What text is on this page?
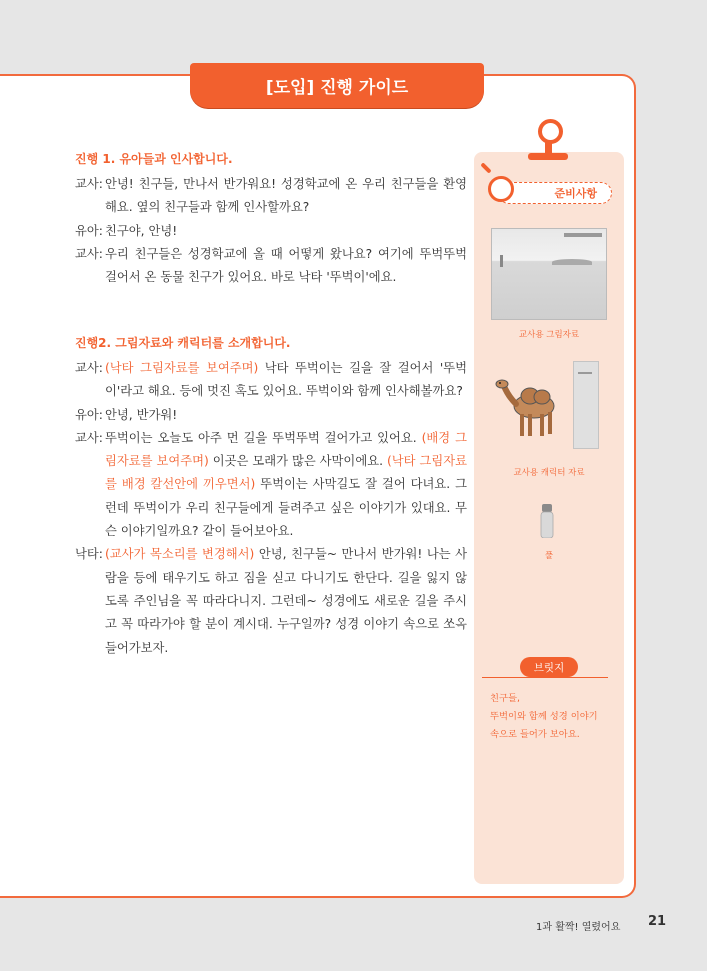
[도입] 진행 가이드

진행 1. 유아들과 인사합니다.

교사: 안녕! 친구들, 만나서 반가워요! 성경학교에 온 우리 친구들을 환영해요. 옆의 친구들과 함께 인사할까요?
유아: 친구야, 안녕!
교사: 우리 친구들은 성경학교에 올 때 어떻게 왔나요? 여기에 뚜벅뚜벅 걸어서 온 동물 친구가 있어요. 바로 낙타 '뚜벅이'에요.

진행2. 그림자료와 캐릭터를 소개합니다.

교사: (낙타 그림자료를 보여주며) 낙타 뚜벅이는 길을 잘 걸어서 '뚜벅이'라고 해요. 등에 멋진 혹도 있어요. 뚜벅이와 함께 인사해볼까요?
유아: 안녕, 반가워!
교사: 뚜벅이는 오늘도 아주 먼 길을 뚜벅뚜벅 걸어가고 있어요. (배경 그림자료를 보여주며) 이곳은 모래가 많은 사막이에요. (낙타 그림자료를 배경 칼선안에 끼우면서) 뚜벅이는 사막길도 잘 걸어 다녀요. 그런데 뚜벅이가 우리 친구들에게 들려주고 싶은 이야기가 있대요. 무슨 이야기일까요? 같이 들어보아요.
낙타: (교사가 목소리를 변경해서) 안녕, 친구들~ 만나서 반가워! 나는 사람을 등에 태우기도 하고 짐을 싣고 다니기도 한단다. 길을 잃지 않도록 주인님을 꼭 따라다니지. 그런데~ 성경에도 새로운 길을 주시고 꼭 따라가야 할 분이 계시대. 누구일까? 성경 이야기 속으로 쏘옥 들어가보자.
준비사항
교사용 그림자료
교사용 캐릭터 자료
풀
브릿지
친구들,
뚜벅이와 함께 성경 이야기
속으로 들어가 보아요.
1과 활짝! 열렸어요 21
